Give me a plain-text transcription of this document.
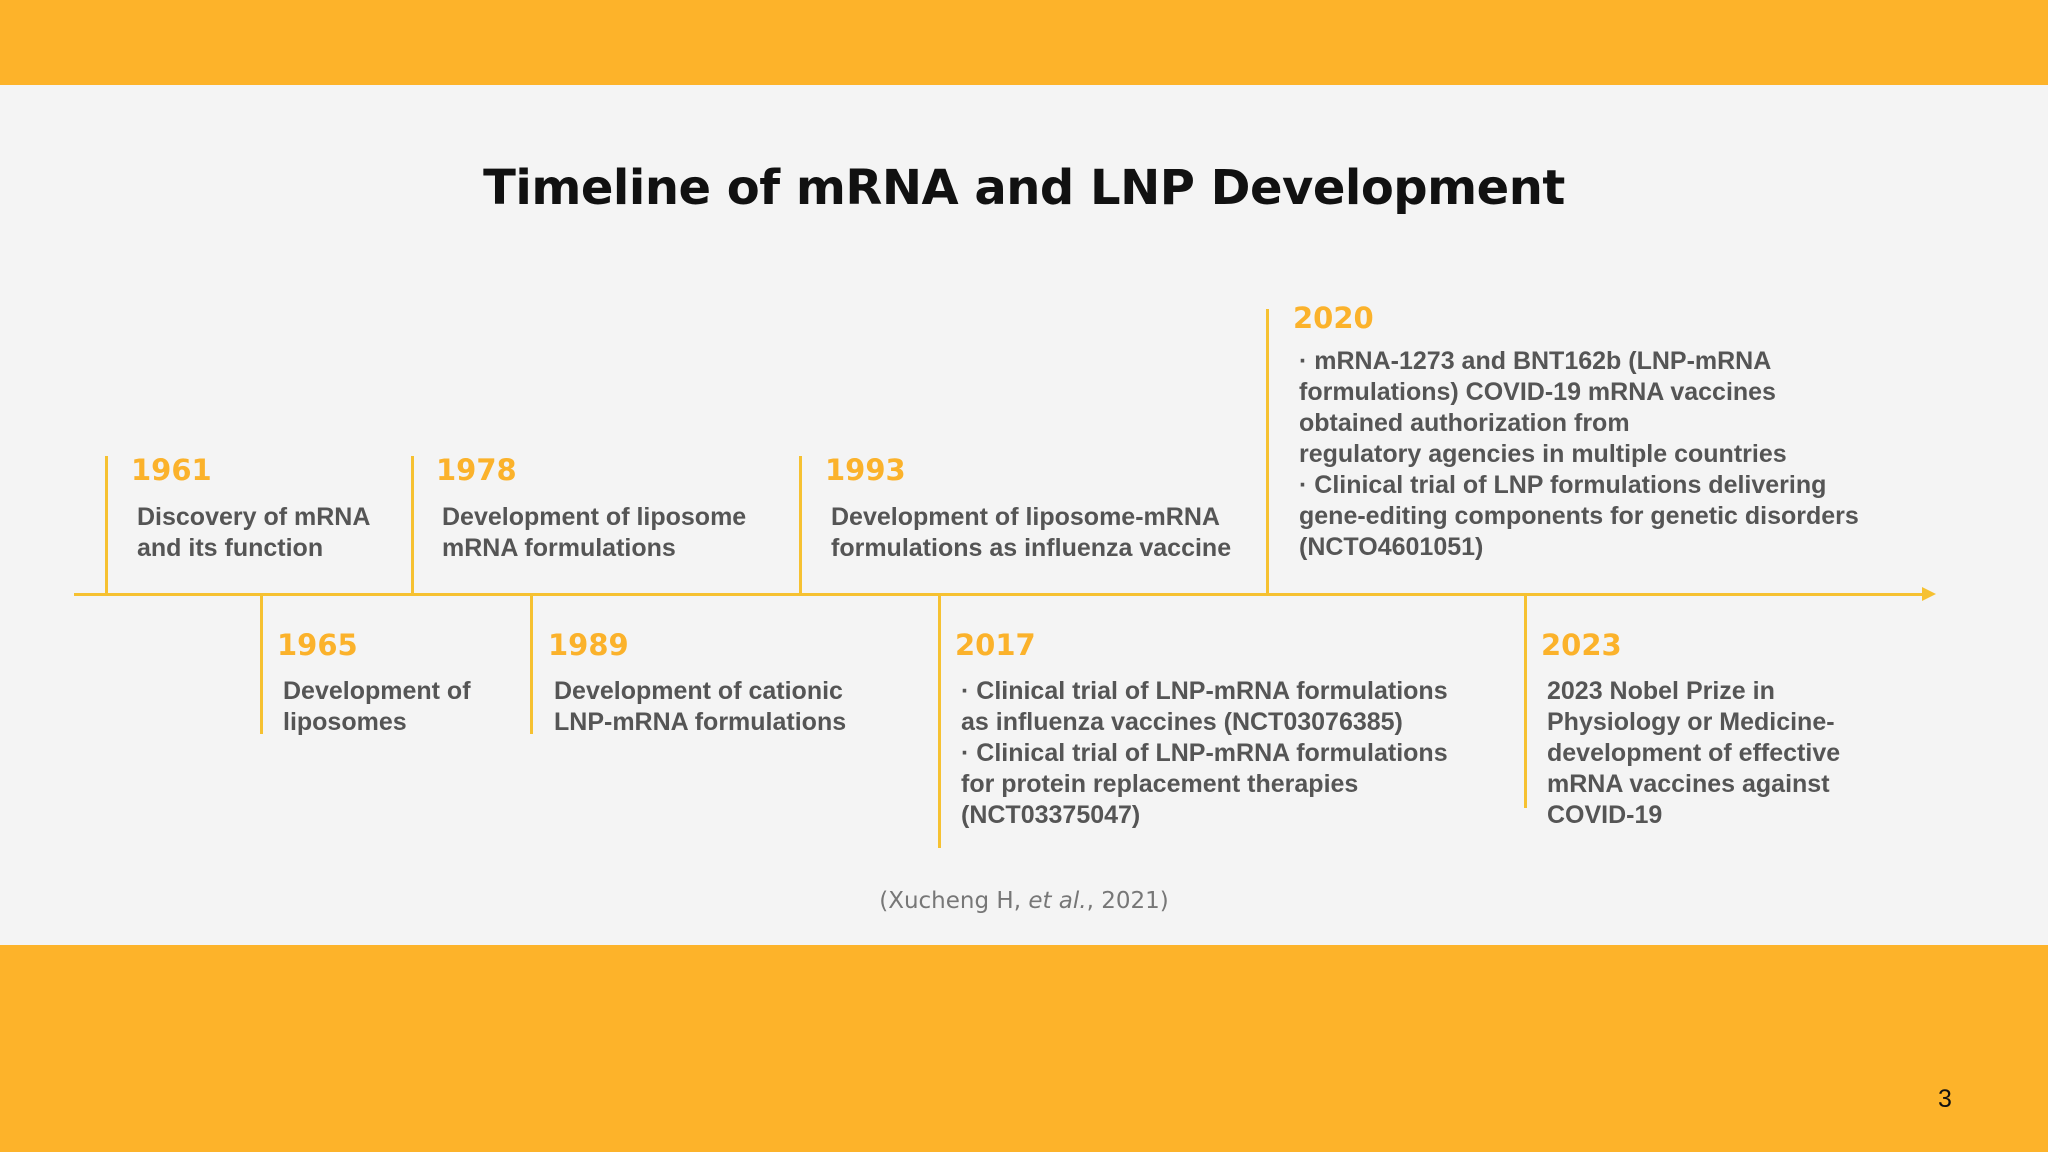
Timeline of mRNA and LNP Development
1961
Discovery of mRNA
and its function
1965
Development of
liposomes
1978
Development of liposome
mRNA formulations
1989
Development of cationic
LNP-mRNA formulations
1993
Development of liposome-mRNA
formulations as influenza vaccine
2017
· Clinical trial of LNP-mRNA formulations
as influenza vaccines (NCT03076385)
· Clinical trial of LNP-mRNA formulations
for protein replacement therapies
(NCT03375047)
2020
· mRNA-1273 and BNT162b (LNP-mRNA
formulations) COVID-19 mRNA vaccines
obtained authorization from
regulatory agencies in multiple countries
· Clinical trial of LNP formulations delivering
gene-editing components for genetic disorders
(NCTO4601051)
2023
2023 Nobel Prize in
Physiology or Medicine-
development of effective
mRNA vaccines against
COVID-19
(Xucheng H, et al., 2021)
3
